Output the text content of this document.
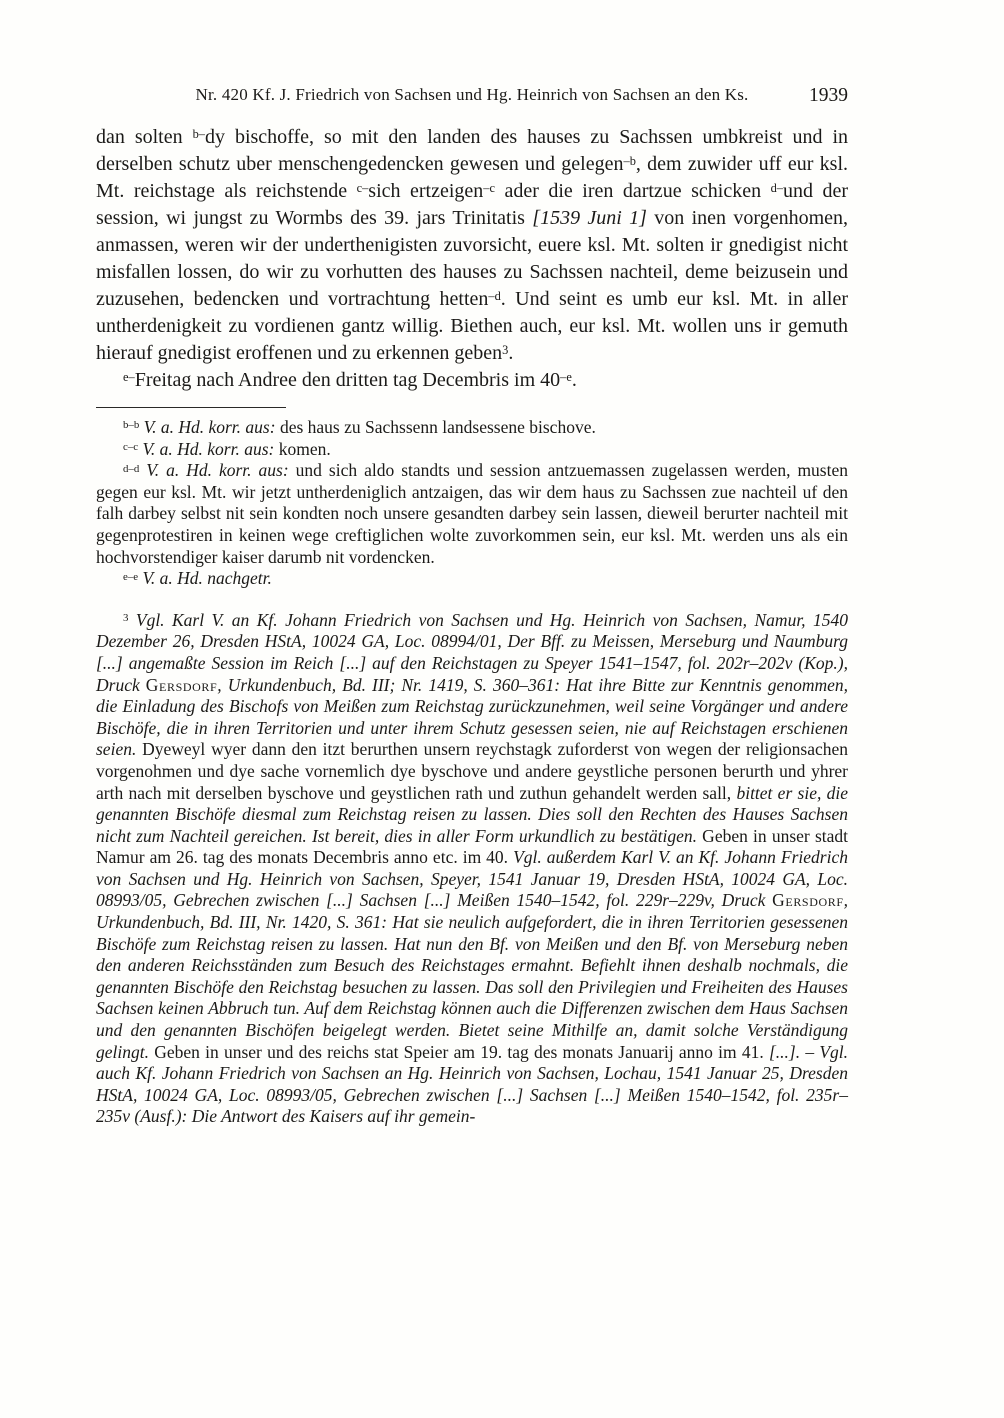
Nr. 420 Kf. J. Friedrich von Sachsen und Hg. Heinrich von Sachsen an den Ks.	1939

dan solten $^{b-}$dy bischoffe, so mit den landen des hauses zu Sachssen umbkreist und in derselben schutz uber menschengedencken gewesen und gelegen$^{-b}$, dem zuwider uff eur ksl. Mt. reichstage als reichstende $^{c-}$sich ertzeigen$^{-c}$ ader die iren dartzue schicken $^{d-}$und der session, wi jungst zu Wormbs des 39. jars Trinitatis [1539 Juni 1] von inen vorgenhomen, anmassen, weren wir der underthenigisten zuvorsicht, euere ksl. Mt. solten ir gnedigist nicht misfallen lossen, do wir zu vorhutten des hauses zu Sachssen nachteil, deme beizusein und zuzusehen, bedencken und vortrachtung hetten$^{-d}$. Und seint es umb eur ksl. Mt. in aller untherdenigkeit zu vordienen gantz willig. Biethen auch, eur ksl. Mt. wollen uns ir gemuth hierauf gnedigist eroffenen und zu erkennen geben$^3$.

$^{e-}$Freitag nach Andree den dritten tag Decembris im $40^{-e}$.

$^{b-b}$ V. a. Hd. korr. aus: des haus zu Sachssenn landsessene bischove.

$^{c-c}$ V. a. Hd. korr. aus: komen.

$^{d-d}$ V. a. Hd. korr. aus: und sich aldo standts und session antzuemassen zugelassen werden, musten gegen eur ksl. Mt. wir jetzt untherdeniglich antzaigen, das wir dem haus zu Sachssen zue nachteil uf den falh darbey selbst nit sein kondten noch unsere gesandten darbey sein lassen, dieweil berurter nachteil mit gegenprotestiren in keinen wege creftiglichen wolte zuvorkommen sein, eur ksl. Mt. werden uns als ein hochvorstendiger kaiser darumb nit vordencken.

$^{e-e}$ V. a. Hd. nachgetr.

$^3$ Vgl. Karl V. an Kf. Johann Friedrich von Sachsen und Hg. Heinrich von Sachsen, Namur, 1540 Dezember 26, Dresden HStA, 10024 GA, Loc. 08994/01, Der Bff. zu Meissen, Merseburg und Naumburg [...] angemaßte Session im Reich [...] auf den Reichstagen zu Speyer 1541–1547, fol. 202r–202v (Kop.), Druck Gersdorf, Urkundenbuch, Bd. III; Nr. 1419, S. 360–361: Hat ihre Bitte zur Kenntnis genommen, die Einladung des Bischofs von Meißen zum Reichstag zurückzunehmen, weil seine Vorgänger und andere Bischöfe, die in ihren Territorien und unter ihrem Schutz gesessen seien, nie auf Reichstagen erschienen seien. Dyeweyl wyer dann den itzt berurthen unsern reychstagk zuforderst von wegen der religionsachen vorgenohmen und dye sache vornemlich dye byschove und andere geystliche personen berurth und yhrer arth nach mit derselben byschove und geystlichen rath und zuthun gehandelt werden sall, bittet er sie, die genannten Bischöfe diesmal zum Reichstag reisen zu lassen. Dies soll den Rechten des Hauses Sachsen nicht zum Nachteil gereichen. Ist bereit, dies in aller Form urkundlich zu bestätigen. Geben in unser stadt Namur am 26. tag des monats Decembris anno etc. im 40. Vgl. außerdem Karl V. an Kf. Johann Friedrich von Sachsen und Hg. Heinrich von Sachsen, Speyer, 1541 Januar 19, Dresden HStA, 10024 GA, Loc. 08993/05, Gebrechen zwischen [...] Sachsen [...] Meißen 1540–1542, fol. 229r–229v, Druck Gersdorf, Urkundenbuch, Bd. III, Nr. 1420, S. 361: Hat sie neulich aufgefordert, die in ihren Territorien gesessenen Bischöfe zum Reichstag reisen zu lassen. Hat nun den Bf. von Meißen und den Bf. von Merseburg neben den anderen Reichsständen zum Besuch des Reichstages ermahnt. Befiehlt ihnen deshalb nochmals, die genannten Bischöfe den Reichstag besuchen zu lassen. Das soll den Privilegien und Freiheiten des Hauses Sachsen keinen Abbruch tun. Auf dem Reichstag können auch die Differenzen zwischen dem Haus Sachsen und den genannten Bischöfen beigelegt werden. Bietet seine Mithilfe an, damit solche Verständigung gelingt. Geben in unser und des reichs stat Speier am 19. tag des monats Januarij anno im 41. [...]. – Vgl. auch Kf. Johann Friedrich von Sachsen an Hg. Heinrich von Sachsen, Lochau, 1541 Januar 25, Dresden HStA, 10024 GA, Loc. 08993/05, Gebrechen zwischen [...] Sachsen [...] Meißen 1540–1542, fol. 235r–235v (Ausf.): Die Antwort des Kaisers auf ihr gemein-
